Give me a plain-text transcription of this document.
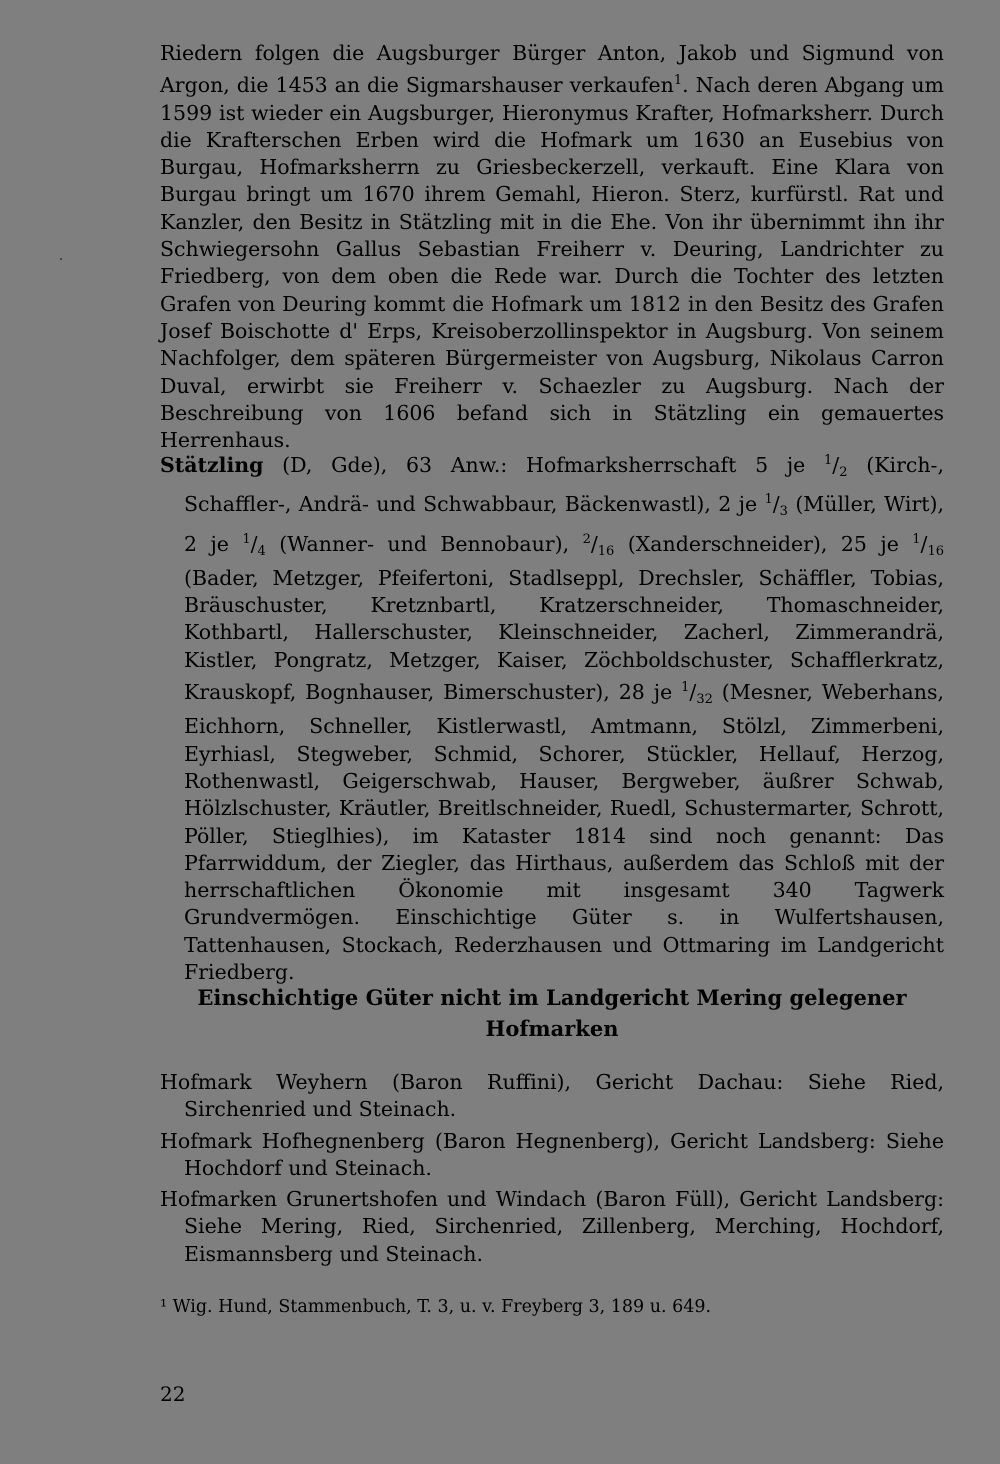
Riedern folgen die Augsburger Bürger Anton, Jakob und Sigmund von Argon, die 1453 an die Sigmarshauser verkaufen$^1$. Nach deren Abgang um 1599 ist wieder ein Augsburger, Hieronymus Krafter, Hofmarksherr. Durch die Krafterschen Erben wird die Hofmark um 1630 an Eusebius von Burgau, Hofmarksherrn zu Griesbeckerzell, verkauft. Eine Klara von Burgau bringt um 1670 ihrem Gemahl, Hieron. Sterz, kurfürstl. Rat und Kanzler, den Besitz in Stätzling mit in die Ehe. Von ihr übernimmt ihn ihr Schwiegersohn Gallus Sebastian Freiherr v. Deuring, Landrichter zu Friedberg, von dem oben die Rede war. Durch die Tochter des letzten Grafen von Deuring kommt die Hofmark um 1812 in den Besitz des Grafen Josef Boischotte d' Erps, Kreisoberzollinspektor in Augsburg. Von seinem Nachfolger, dem späteren Bürgermeister von Augsburg, Nikolaus Carron Duval, erwirbt sie Freiherr v. Schaezler zu Augsburg. Nach der Beschreibung von 1606 befand sich in Stätzling ein gemauertes Herrenhaus.
Stätzling (D, Gde), 63 Anw.: Hofmarksherrschaft 5 je $^1/_2$ (Kirch-, Schaffler-, Andrä- und Schwabbaur, Bäckenwastl), 2 je $^1/_3$ (Müller, Wirt), 2 je $^1/_4$ (Wanner- und Bennobaur), $^2/_{16}$ (Xanderschneider), 25 je $^1/_{16}$ (Bader, Metzger, Pfeifertoni, Stadlseppl, Drechsler, Schäffler, Tobias, Bräuschuster, Kretznbartl, Kratzerschneider, Thomaschneider, Kothbartl, Hallerschuster, Kleinschneider, Zacherl, Zimmerandrä, Kistler, Pongratz, Metzger, Kaiser, Zöchboldschuster, Schafflerkratz, Krauskopf, Bognhauser, Bimerschuster), 28 je $^1/_{32}$ (Mesner, Weberhans, Eichhorn, Schneller, Kistlerwastl, Amtmann, Stölzl, Zimmerbeni, Eyrhiasl, Stegweber, Schmid, Schorer, Stückler, Hellauf, Herzog, Rothenwastl, Geigerschwab, Hauser, Bergweber, äußrer Schwab, Hölzlschuster, Kräutler, Breitlschneider, Ruedl, Schustermarter, Schrott, Pöller, Stieglhies), im Kataster 1814 sind noch genannt: Das Pfarrwiddum, der Ziegler, das Hirthaus, außerdem das Schloß mit der herrschaftlichen Ökonomie mit insgesamt 340 Tagwerk Grundvermögen. Einschichtige Güter s. in Wulfertshausen, Tattenhausen, Stockach, Rederzhausen und Ottmaring im Landgericht Friedberg.
Einschichtige Güter nicht im Landgericht Mering gelegener
Hofmarken

Hofmark Weyhern (Baron Ruffini), Gericht Dachau: Siehe Ried, Sirchenried und Steinach.

Hofmark Hofhegnenberg (Baron Hegnenberg), Gericht Landsberg: Siehe Hochdorf und Steinach.

Hofmarken Grunertshofen und Windach (Baron Füll), Gericht Landsberg: Siehe Mering, Ried, Sirchenried, Zillenberg, Merching, Hochdorf, Eismannsberg und Steinach.

¹ Wig. Hund, Stammenbuch, T. 3, u. v. Freyberg 3, 189 u. 649.
22
